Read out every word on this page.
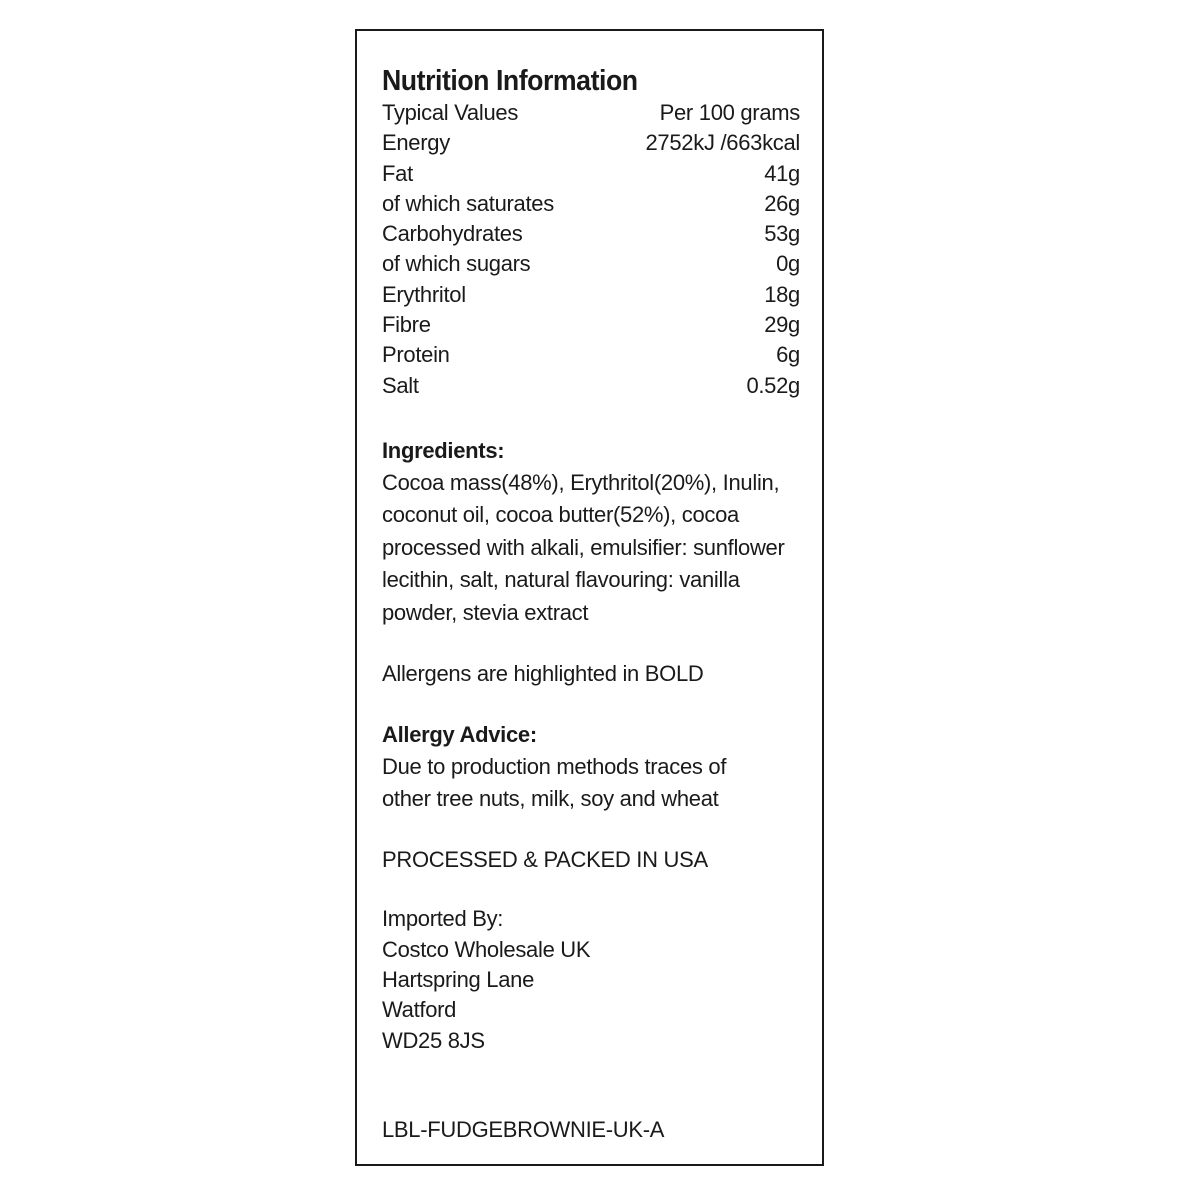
Nutrition Information
Typical Values	Per 100 grams
Energy	2752kJ /663kcal
Fat	41g
of which saturates	26g
Carbohydrates	53g
of which sugars	0g
Erythritol	18g
Fibre	29g
Protein	6g
Salt	0.52g
Ingredients:
Cocoa mass(48%), Erythritol(20%), Inulin,
coconut oil, cocoa butter(52%), cocoa
processed with alkali, emulsifier: sunflower
lecithin, salt, natural flavouring: vanilla
powder, stevia extract
Allergens are highlighted in BOLD
Allergy Advice:
Due to production methods traces of
other tree nuts, milk, soy and wheat
PROCESSED & PACKED IN USA
Imported By:
Costco Wholesale UK
Hartspring Lane
Watford
WD25 8JS
LBL-FUDGEBROWNIE-UK-A
